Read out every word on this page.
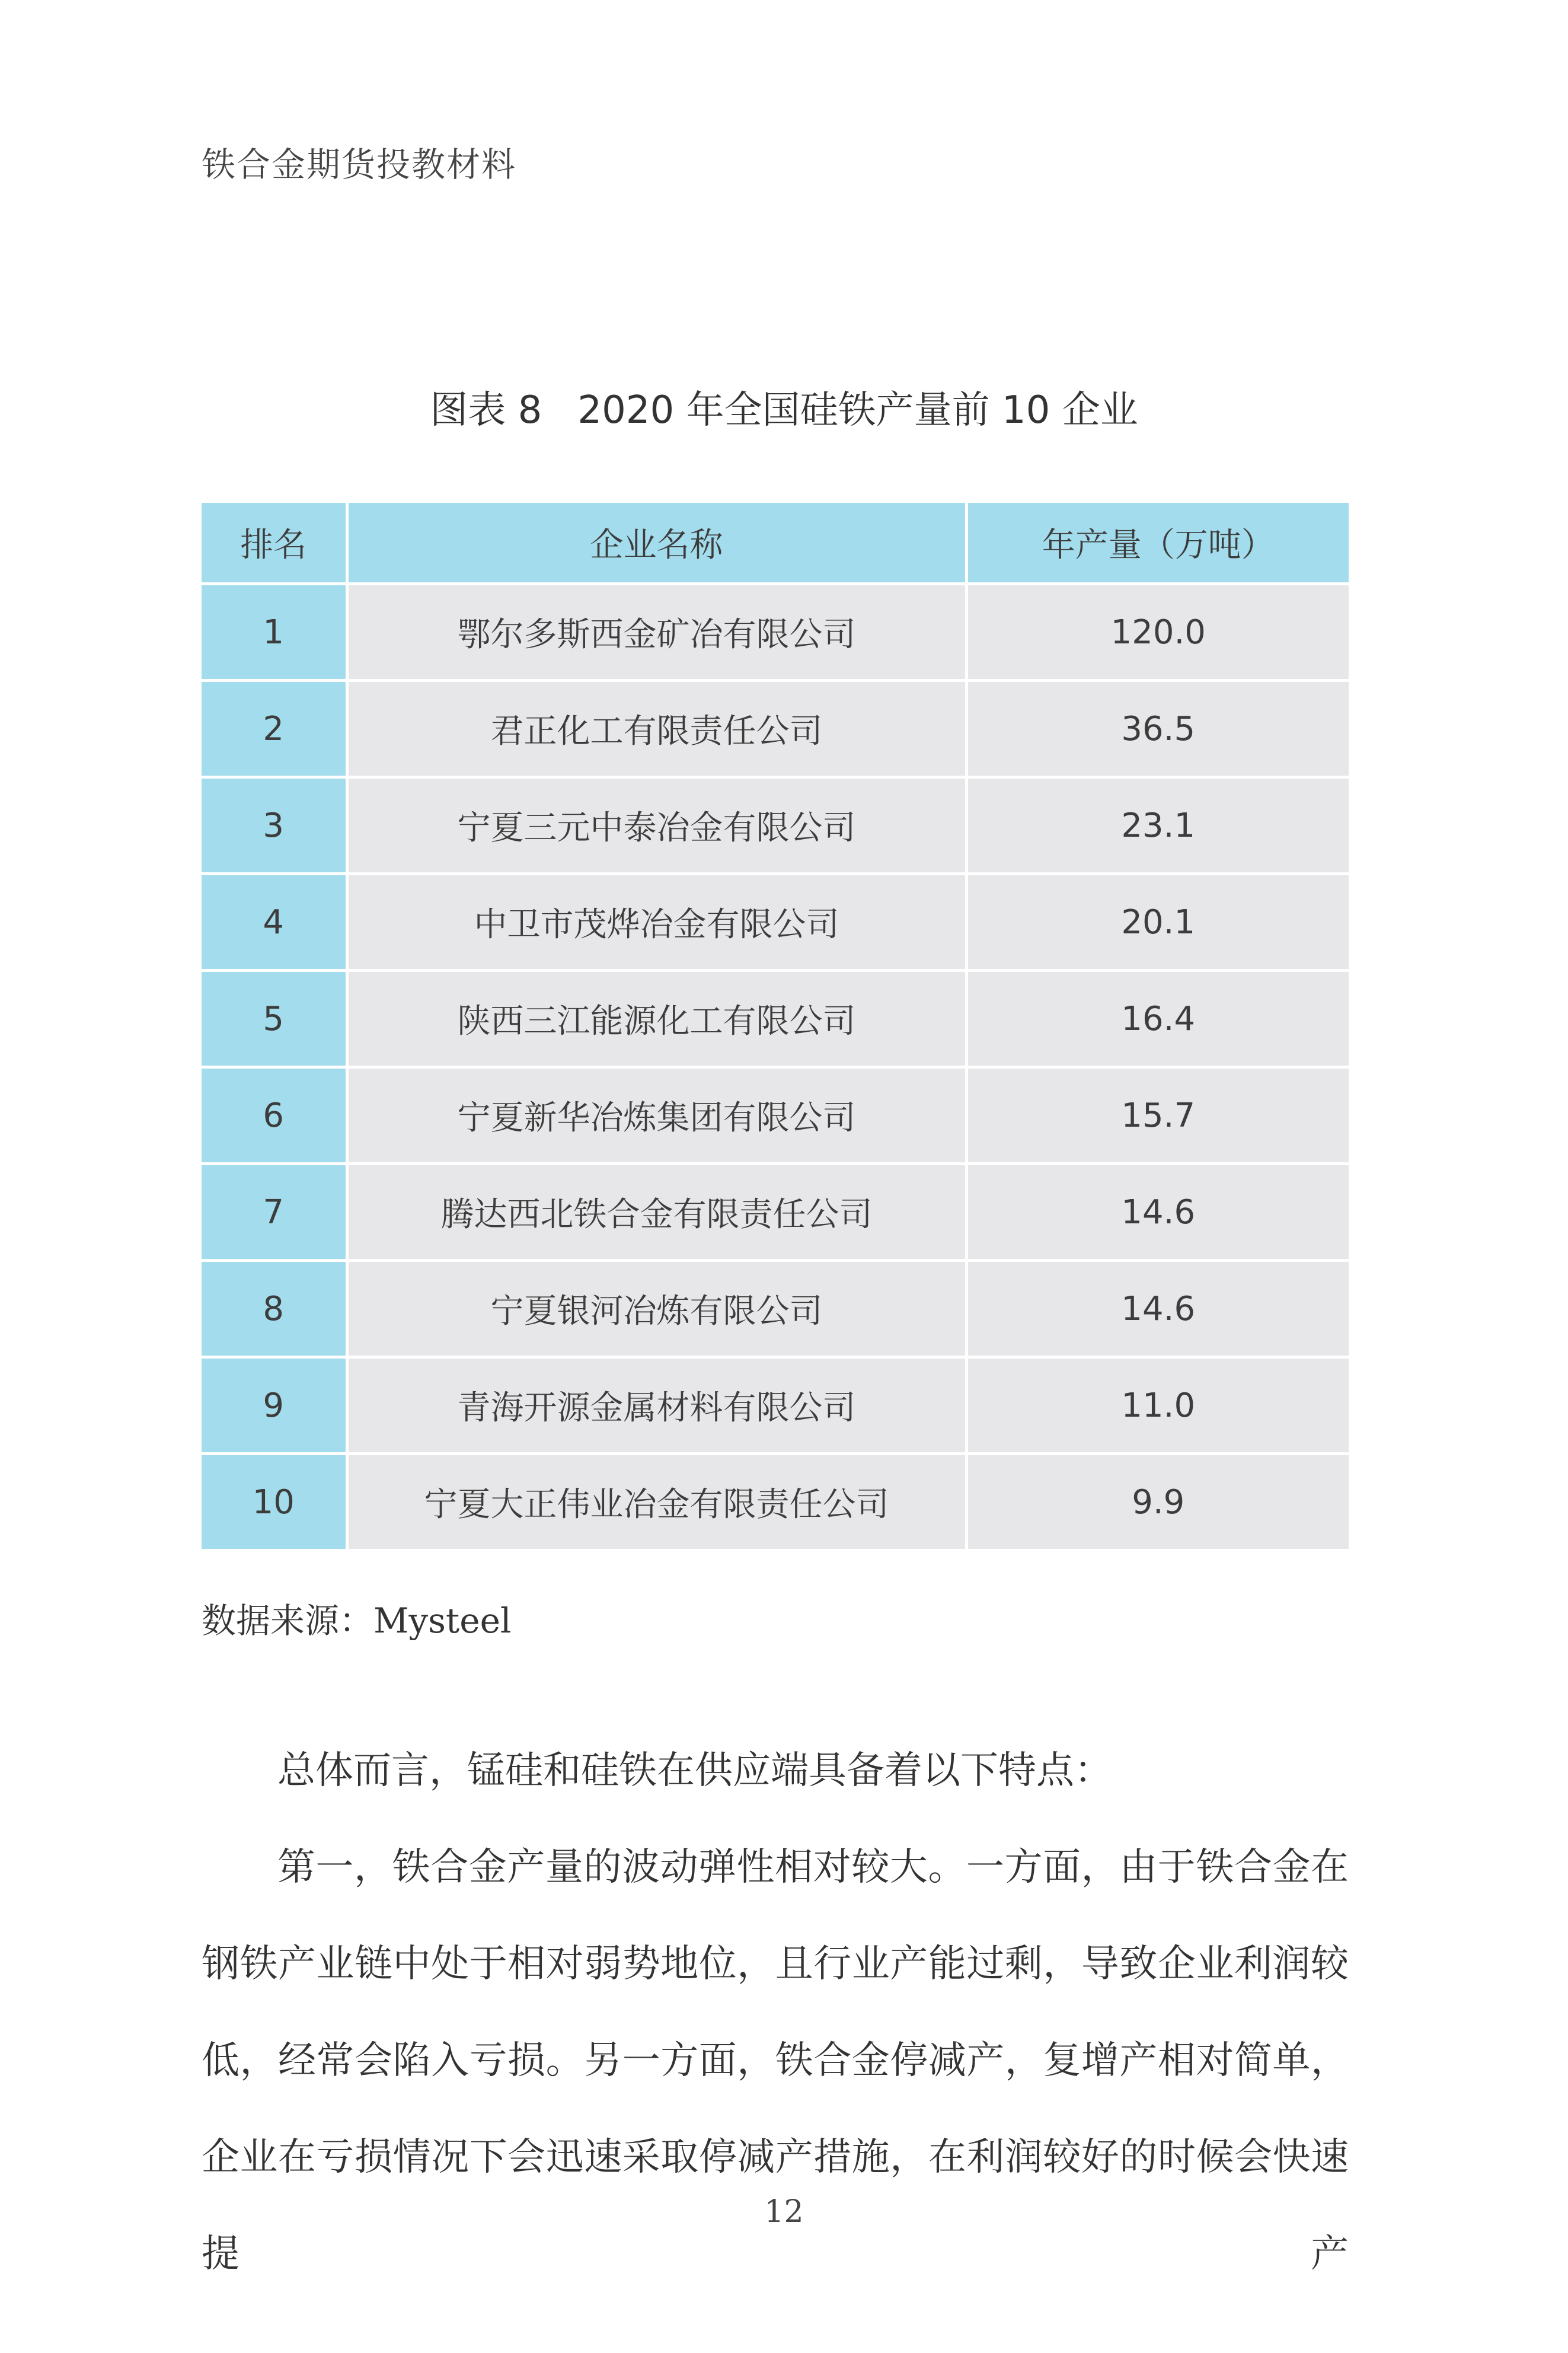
铁合金期货投教材料
图表 8 2020 年全国硅铁产量前 10 企业
排名	企业名称	年产量（万吨）
1	鄂尔多斯西金矿冶有限公司	120.0
2	君正化工有限责任公司	36.5
3	宁夏三元中泰冶金有限公司	23.1
4	中卫市茂烨冶金有限公司	20.1
5	陕西三江能源化工有限公司	16.4
6	宁夏新华冶炼集团有限公司	15.7
7	腾达西北铁合金有限责任公司	14.6
8	宁夏银河冶炼有限公司	14.6
9	青海开源金属材料有限公司	11.0
10	宁夏大正伟业冶金有限责任公司	9.9
数据来源：Mysteel

总体而言，锰硅和硅铁在供应端具备着以下特点：

第一，铁合金产量的波动弹性相对较大。一方面，由于铁合金在钢铁产业链中处于相对弱势地位，且行业产能过剩，导致企业利润较低，经常会陷入亏损。另一方面，铁合金停减产，复增产相对简单，企业在亏损情况下会迅速采取停减产措施，在利润较好的时候会快速提产

12
